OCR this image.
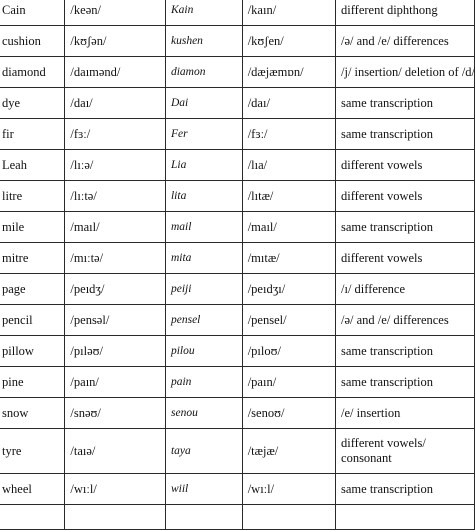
Cain	/keən/	Kain	/kaın/	different diphthong
cushion	/kʊʃən/	kushen	/kʊʃen/	/ə/ and /e/ differences
diamond	/daımənd/	diamon	/dæjæmɒn/	/j/ insertion/ deletion of /d/
dye	/daı/	Dai	/daı/	same transcription
fir	/fɜː/	Fer	/fɜː/	same transcription
Leah	/lıːə/	Lia	/lıa/	different vowels
litre	/lıːtə/	lita	/lıtæ/	different vowels
mile	/maıl/	mail	/maıl/	same transcription
mitre	/mıːtə/	mita	/mıtæ/	different vowels
page	/peıdʒ/	peiji	/peıdʒı/	/ı/ difference
pencil	/pensəl/	pensel	/pensel/	/ə/ and /e/ differences
pillow	/pıləʊ/	pilou	/pıloʊ/	same transcription
pine	/paın/	pain	/paın/	same transcription
snow	/snəʊ/	senou	/senoʊ/	/e/ insertion
tyre	/taıə/	taya	/tæjæ/	different vowels/ consonant
wheel	/wıːl/	wiil	/wıːl/	same transcription
